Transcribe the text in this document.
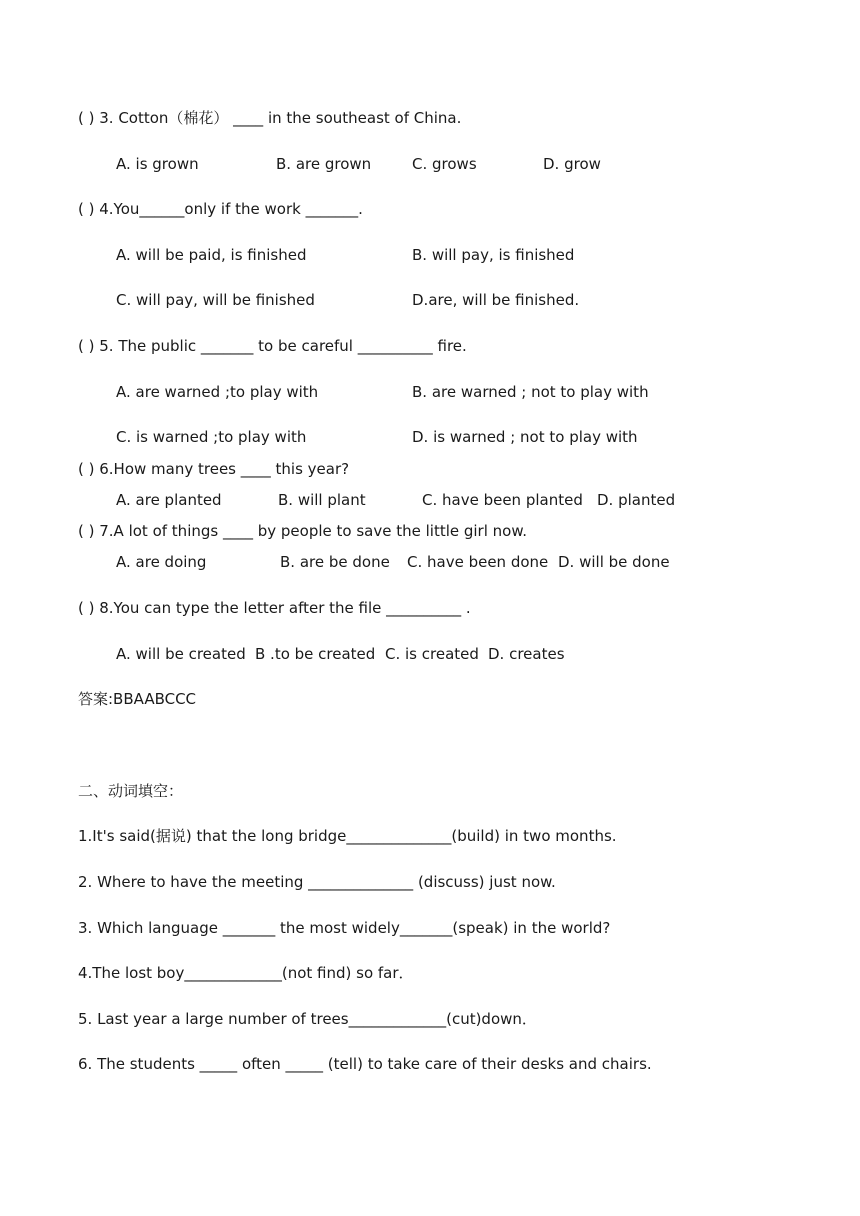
( ) 3. Cotton（棉花） ____ in the southeast of China.
A. is grown	B. are grown	C. grows	D. grow
( ) 4.You______only if the work _______.
A. will be paid, is finished	B. will pay, is finished
C. will pay, will be finished	D.are, will be finished.
( ) 5. The public _______ to be careful __________ fire.
A. are warned ;to play with	B. are warned ; not to play with
C. is warned ;to play with	D. is warned ; not to play with
( ) 6.How many trees ____ this year?
A. are planted	B. will plant	C. have been planted D. planted
( ) 7.A lot of things ____ by people to save the little girl now.
A. are doing	B. are be done C. have been done D. will be done
( ) 8.You can type the letter after the file __________ .
A. will be created B .to be created C. is created D. creates
答案:BBAABCCC
二、动词填空：
1.It's said(据说) that the long bridge______________(build) in two months.
2. Where to have the meeting ______________ (discuss) just now.
3. Which language _______ the most widely_______(speak) in the world?
4.The lost boy_____________(not find) so far．
5. Last year a large number of trees_____________(cut)down．
6. The students _____ often _____ (tell) to take care of their desks and chairs.
